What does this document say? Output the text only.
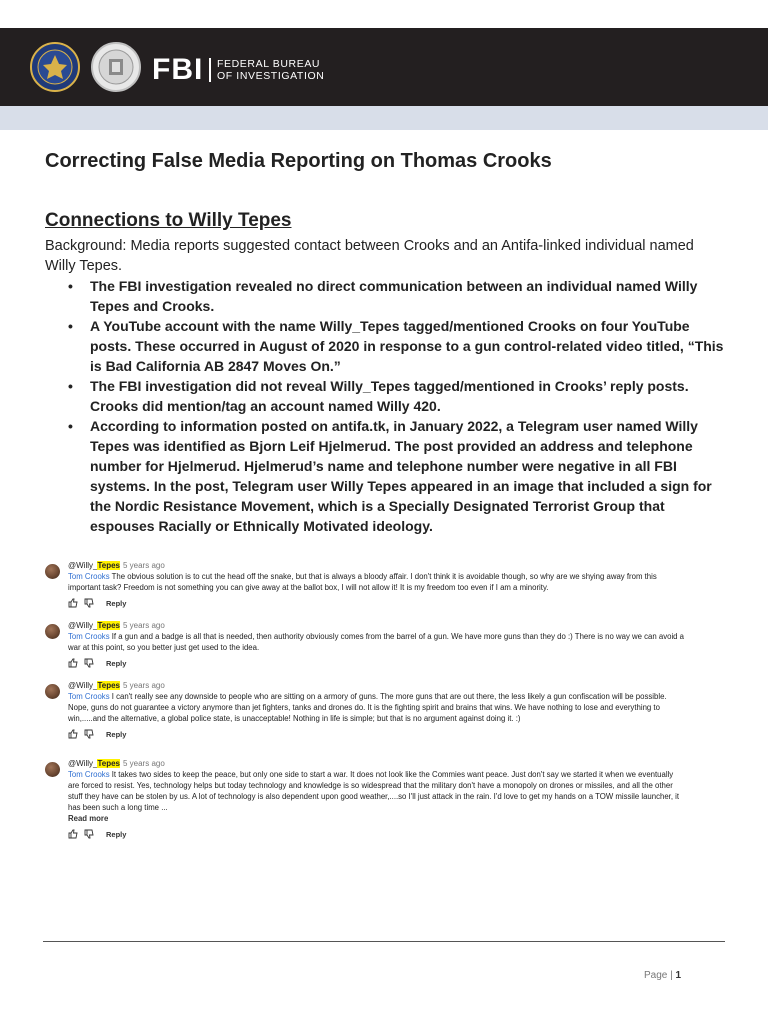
FBI FEDERAL BUREAU
OF INVESTIGATION
Correcting False Media Reporting on Thomas Crooks
Connections to Willy Tepes
Background: Media reports suggested contact between Crooks and an Antifa-linked individual named Willy Tepes.
• The FBI investigation revealed no direct communication between an individual named Willy Tepes and Crooks.
• A YouTube account with the name Willy_Tepes tagged/mentioned Crooks on four YouTube posts. These occurred in August of 2020 in response to a gun control-related video titled, “This is Bad California AB 2847 Moves On.”
• The FBI investigation did not reveal Willy_Tepes tagged/mentioned in Crooks’ reply posts. Crooks did mention/tag an account named Willy 420.
• According to information posted on antifa.tk, in January 2022, a Telegram user named Willy Tepes was identified as Bjorn Leif Hjelmerud. The post provided an address and telephone number for Hjelmerud. Hjelmerud’s name and telephone number were negative in all FBI systems. In the post, Telegram user Willy Tepes appeared in an image that included a sign for the Nordic Resistance Movement, which is a Specially Designated Terrorist Group that espouses Racially or Ethnically Motivated ideology.
@Willy_Tepes 5 years ago
Tom Crooks The obvious solution is to cut the head off the snake, but that is always a bloody affair. I don't think it is avoidable though, so why are we shying away from this important task? Freedom is not something you can give away at the ballot box, I will not allow it! It is my freedom too even if I am a minority.
Reply
@Willy_Tepes 5 years ago
Tom Crooks If a gun and a badge is all that is needed, then authority obviously comes from the barrel of a gun. We have more guns than they do :) There is no way we can avoid a war at this point, so you better just get used to the idea.
Reply
@Willy_Tepes 5 years ago
Tom Crooks I can't really see any downside to people who are sitting on a armory of guns. The more guns that are out there, the less likely a gun confiscation will be possible. Nope, guns do not guarantee a victory anymore than jet fighters, tanks and drones do. It is the fighting spirit and brains that wins. We have nothing to lose and everything to win,.....and the alternative, a global police state, is unacceptable! Nothing in life is simple; but that is no argument against doing it. :)
Reply
@Willy_Tepes 5 years ago
Tom Crooks It takes two sides to keep the peace, but only one side to start a war. It does not look like the Commies want peace. Just don't say we started it when we eventually are forced to resist. Yes, technology helps but today technology and knowledge is so widespread that the military don't have a monopoly on drones or missiles, and all the other stuff they have can be stolen by us. A lot of technology is also dependent upon good weather,....so I'll just attack in the rain. I'd love to get my hands on a TOW missile launcher, it has been such a long time ...
Read more
Reply
Page | 1
